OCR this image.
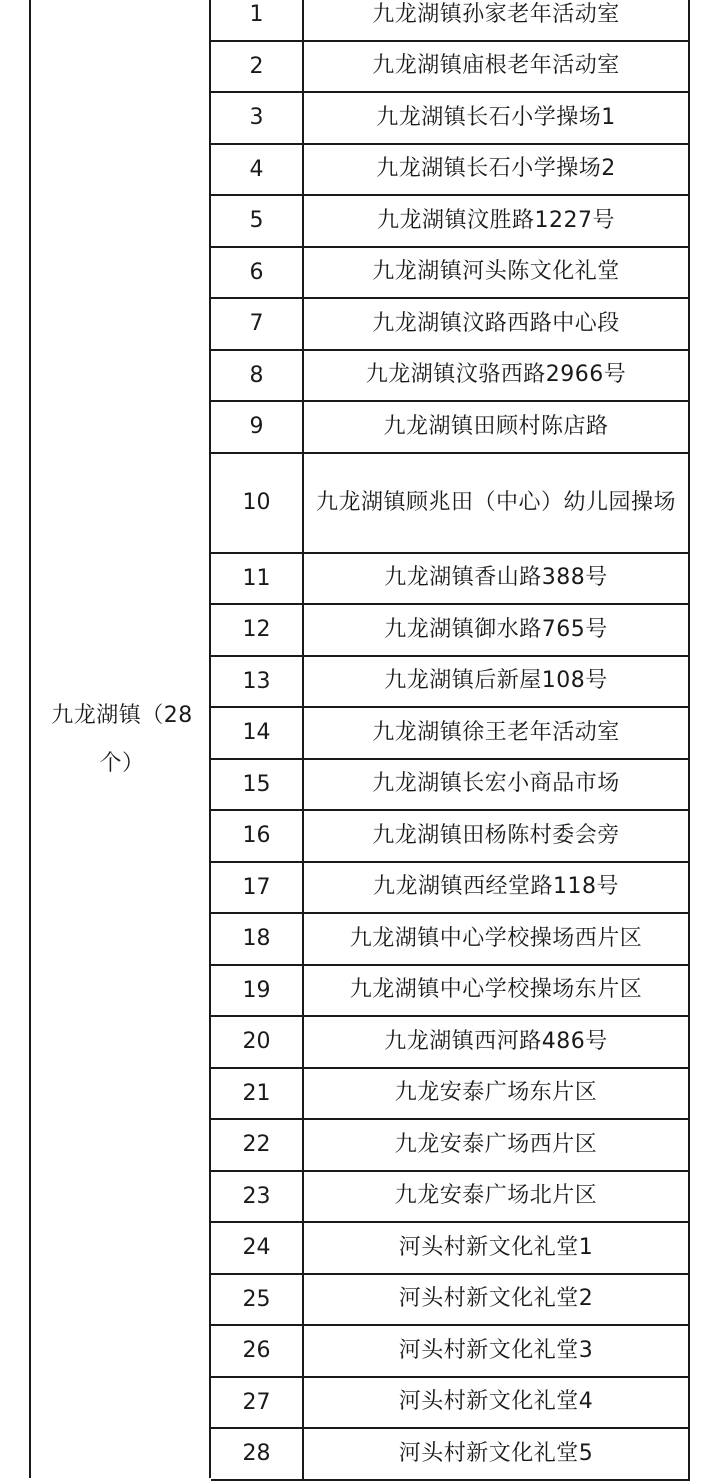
九龙湖镇（28个）
1	九龙湖镇孙家老年活动室
2	九龙湖镇庙根老年活动室
3	九龙湖镇长石小学操场1
4	九龙湖镇长石小学操场2
5	九龙湖镇汶胜路1227号
6	九龙湖镇河头陈文化礼堂
7	九龙湖镇汶路西路中心段
8	九龙湖镇汶骆西路2966号
9	九龙湖镇田顾村陈店路
10	九龙湖镇顾兆田（中心）幼儿园操场
11	九龙湖镇香山路388号
12	九龙湖镇御水路765号
13	九龙湖镇后新屋108号
14	九龙湖镇徐王老年活动室
15	九龙湖镇长宏小商品市场
16	九龙湖镇田杨陈村委会旁
17	九龙湖镇西经堂路118号
18	九龙湖镇中心学校操场西片区
19	九龙湖镇中心学校操场东片区
20	九龙湖镇西河路486号
21	九龙安泰广场东片区
22	九龙安泰广场西片区
23	九龙安泰广场北片区
24	河头村新文化礼堂1
25	河头村新文化礼堂2
26	河头村新文化礼堂3
27	河头村新文化礼堂4
28	河头村新文化礼堂5
